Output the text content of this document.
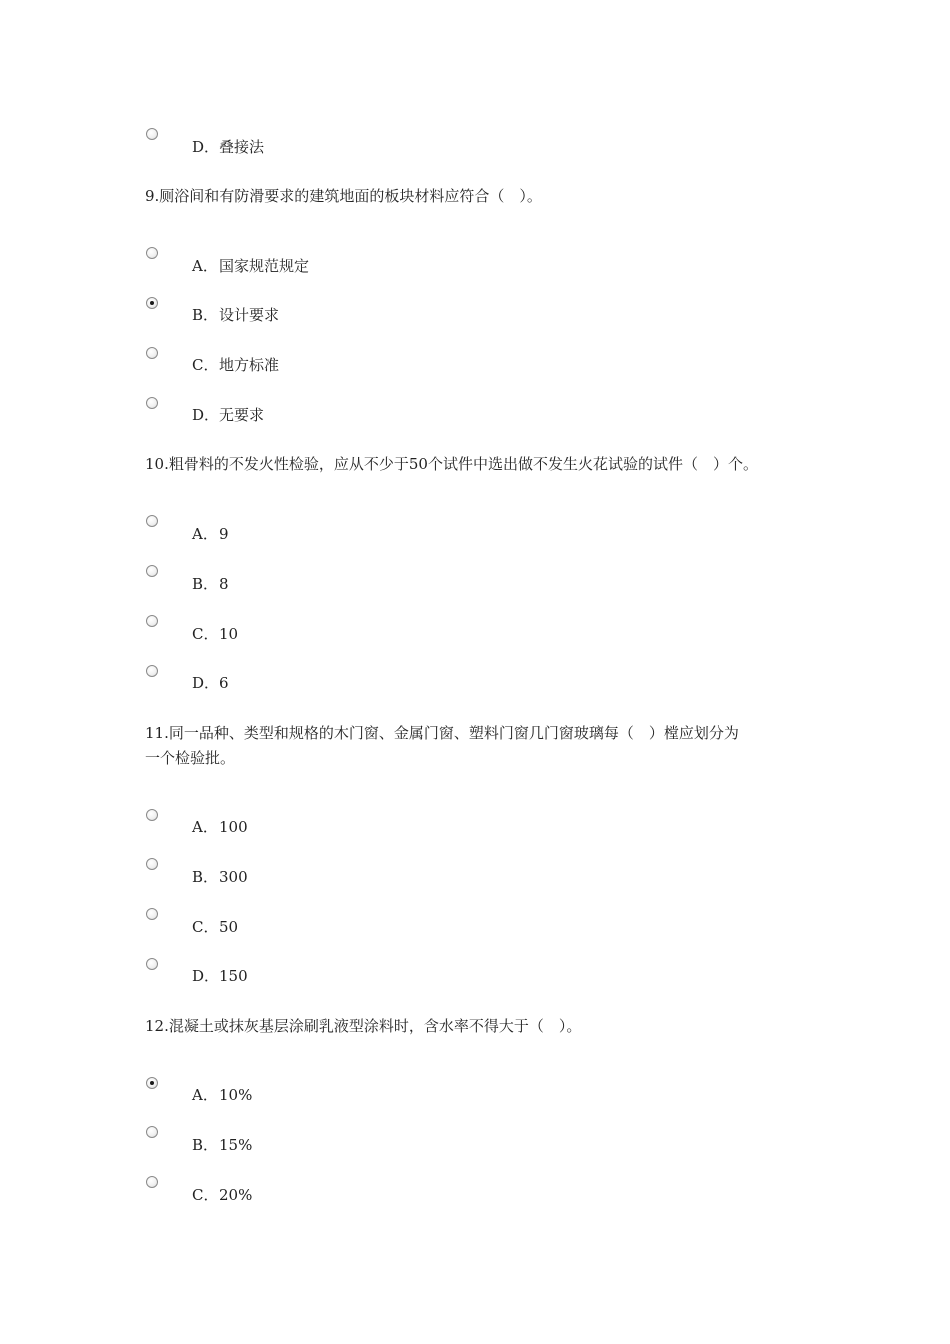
D．叠接法
9.厕浴间和有防滑要求的建筑地面的板块材料应符合（　）。
A．国家规范规定
B．设计要求
C．地方标准
D．无要求
10.粗骨料的不发火性检验，应从不少于50个试件中选出做不发生火花试验的试件（　）个。
A．9
B．8
C．10
D．6
11.同一品种、类型和规格的木门窗、金属门窗、塑料门窗几门窗玻璃每（　）樘应划分为
一个检验批。
A．100
B．300
C．50
D．150
12.混凝土或抹灰基层涂刷乳液型涂料时，含水率不得大于（　）。
A．10%
B．15%
C．20%
